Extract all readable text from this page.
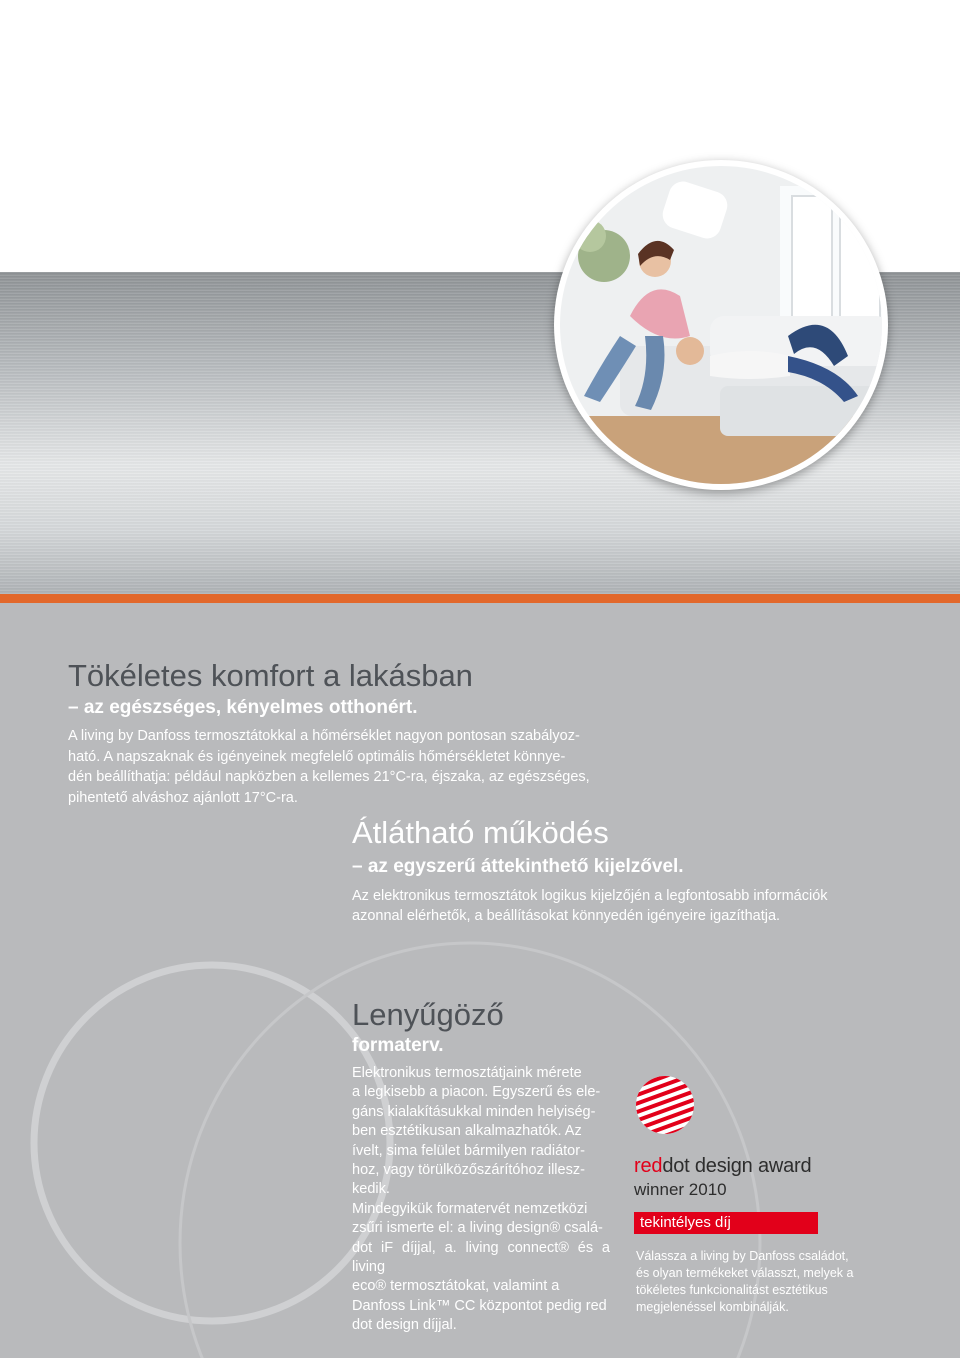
Tökéletes komfort a lakásban
– az egészséges, kényelmes otthonért.

A living by Danfoss termosztátokkal a hőmérséklet nagyon pontosan szabályoz-

ható. A napszaknak és igényeinek megfelelő optimális hőmérsékletet könnye-

dén beállíthatja: például napközben a kellemes 21°C-ra, éjszaka, az egészséges,

pihentető alváshoz ajánlott 17°C-ra.

Átlátható működés
– az egyszerű áttekinthető kijelzővel.
Az elektronikus termosztátok logikus kijelzőjén a legfontosabb információk
azonnal elérhetők, a beállításokat könnyedén igényeire igazíthatja.
Lenyűgöző
formaterv.

Elektronikus termosztátjaink mérete

a legkisebb a piacon. Egyszerű és ele-

gáns kialakításukkal minden helyiség-

ben esztétikusan alkalmazhatók. Az

ívelt, sima felület bármilyen radiátor-

hoz, vagy törülközőszárítóhoz illesz-

kedik.

Mindegyikük formatervét nemzetközi

zsűri ismerte el: a living design® csalá-

dot iF díjjal, a. living connect® és a living

eco® termosztátokat, valamint a

Danfoss Link™ CC központot pedig red

dot design díjjal.

reddot design award
winner 2010
tekintélyes díj
Válassza a living by Danfoss családot,
és olyan termékeket válasszt, melyek a
tökéletes funkcionalitást esztétikus
megjelenéssel kombinálják.
